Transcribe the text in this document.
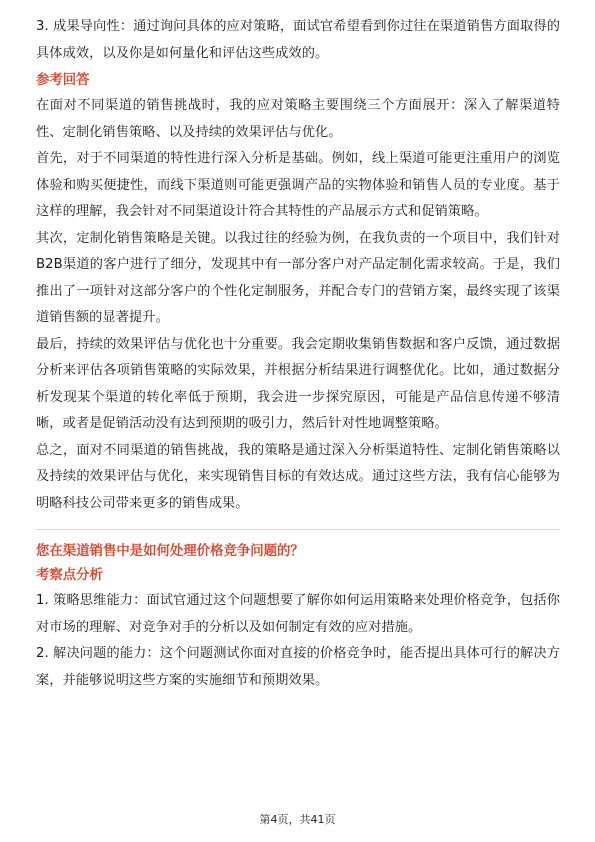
3. 成果导向性：通过询问具体的应对策略，面试官希望看到你过往在渠道销售方面取得的具体成效，以及你是如何量化和评估这些成效的。

参考回答

在面对不同渠道的销售挑战时，我的应对策略主要围绕三个方面展开：深入了解渠道特性、定制化销售策略、以及持续的效果评估与优化。

首先，对于不同渠道的特性进行深入分析是基础。例如，线上渠道可能更注重用户的浏览体验和购买便捷性，而线下渠道则可能更强调产品的实物体验和销售人员的专业度。基于这样的理解，我会针对不同渠道设计符合其特性的产品展示方式和促销策略。

其次，定制化销售策略是关键。以我过往的经验为例，在我负责的一个项目中，我们针对B2B渠道的客户进行了细分，发现其中有一部分客户对产品定制化需求较高。于是，我们推出了一项针对这部分客户的个性化定制服务，并配合专门的营销方案，最终实现了该渠道销售额的显著提升。

最后，持续的效果评估与优化也十分重要。我会定期收集销售数据和客户反馈，通过数据分析来评估各项销售策略的实际效果，并根据分析结果进行调整优化。比如，通过数据分析发现某个渠道的转化率低于预期，我会进一步探究原因，可能是产品信息传递不够清晰，或者是促销活动没有达到预期的吸引力，然后针对性地调整策略。

总之，面对不同渠道的销售挑战，我的策略是通过深入分析渠道特性、定制化销售策略以及持续的效果评估与优化，来实现销售目标的有效达成。通过这些方法，我有信心能够为明略科技公司带来更多的销售成果。

您在渠道销售中是如何处理价格竞争问题的？

考察点分析

1. 策略思维能力：面试官通过这个问题想要了解你如何运用策略来处理价格竞争，包括你对市场的理解、对竞争对手的分析以及如何制定有效的应对措施。

2. 解决问题的能力：这个问题测试你面对直接的价格竞争时，能否提出具体可行的解决方案，并能够说明这些方案的实施细节和预期效果。

第4页，共41页
